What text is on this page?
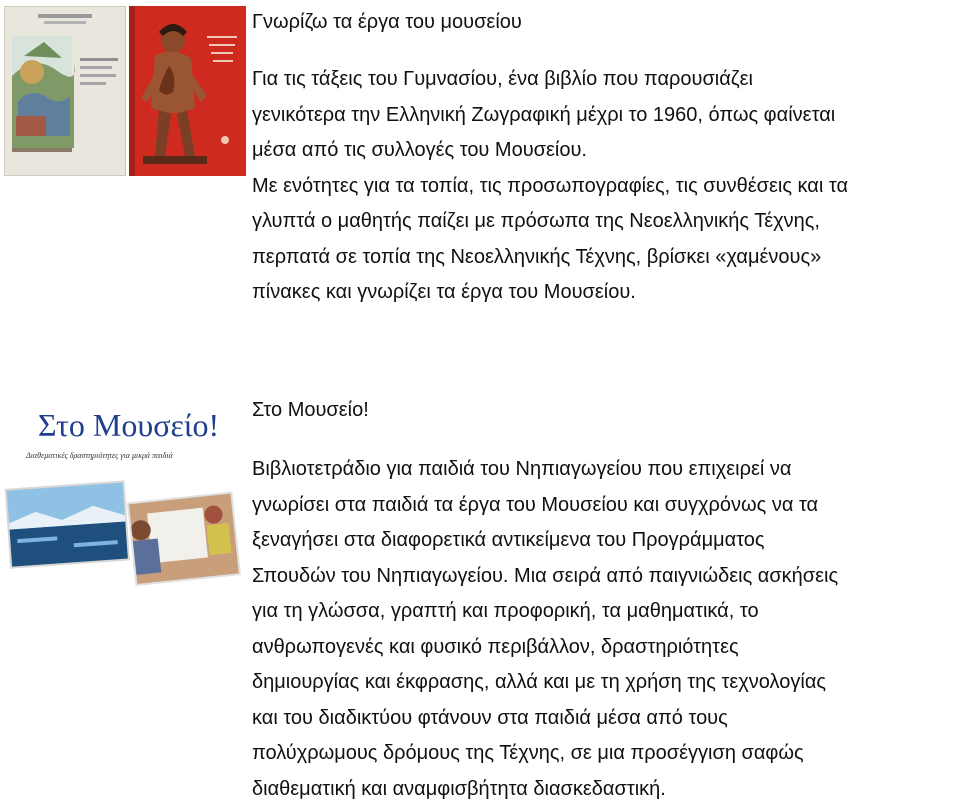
Γνωρίζω τα έργα του μουσείου

Για τις τάξεις του Γυμνασίου, ένα βιβλίο που παρουσιάζει
γενικότερα την Ελληνική Ζωγραφική μέχρι το 1960, όπως φαίνεται
μέσα από τις συλλογές του Μουσείου.
Με ενότητες για τα τοπία, τις προσωπογραφίες, τις συνθέσεις και τα
γλυπτά ο μαθητής παίζει με πρόσωπα της Νεοελληνικής Τέχνης,
περπατά σε τοπία της Νεοελληνικής Τέχνης, βρίσκει «χαμένους»
πίνακες και γνωρίζει τα έργα του Μουσείου.

Στο Μουσείο!
Διαθεματικές δραστηριότητες για μικρά παιδιά
Στο Μουσείο!

Βιβλιοτετράδιο για παιδιά του Νηπιαγωγείου που επιχειρεί να
γνωρίσει στα παιδιά τα έργα του Μουσείου και συγχρόνως να τα
ξεναγήσει στα διαφορετικά αντικείμενα του Προγράμματος
Σπουδών του Νηπιαγωγείου. Μια σειρά από παιγνιώδεις ασκήσεις
για τη γλώσσα, γραπτή και προφορική, τα μαθηματικά, το
ανθρωπογενές και φυσικό περιβάλλον, δραστηριότητες
δημιουργίας και έκφρασης, αλλά και με τη χρήση της τεχνολογίας
και του διαδικτύου φτάνουν στα παιδιά μέσα από τους
πολύχρωμους δρόμους της Τέχνης, σε μια προσέγγιση σαφώς
διαθεματική και αναμφισβήτητα διασκεδαστική.
